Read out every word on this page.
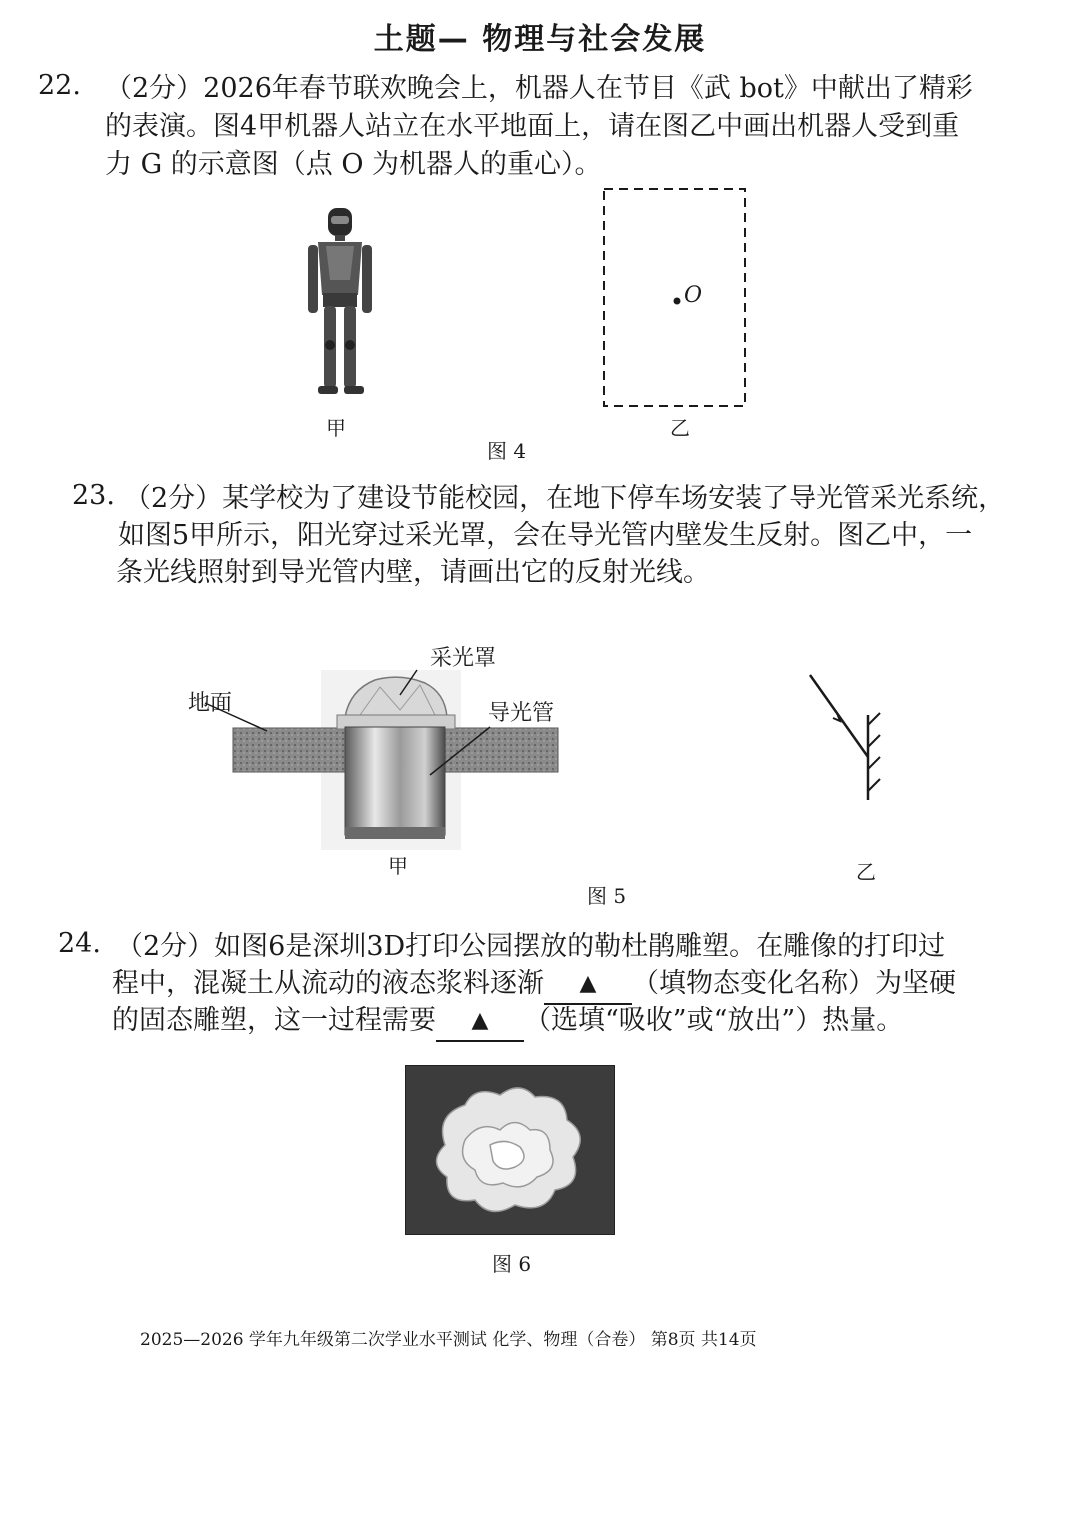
土题— 物理与社会发展
22. （2分）2026年春节联欢晚会上，机器人在节目《武 bot》中献出了精彩
的表演。图4甲机器人站立在水平地面上，请在图乙中画出机器人受到重
力 G 的示意图（点 O 为机器人的重心）。
甲
O
乙
图 4
23. （2分）某学校为了建设节能校园，在地下停车场安装了导光管采光系统，
如图5甲所示，阳光穿过采光罩，会在导光管内壁发生反射。图乙中，一
条光线照射到导光管内壁，请画出它的反射光线。
采光罩
地面	导光管
甲	乙
图 5
24. （2分）如图6是深圳3D打印公园摆放的勒杜鹃雕塑。在雕像的打印过
程中，混凝土从流动的液态浆料逐渐 ▲ （填物态变化名称）为坚硬
的固态雕塑，这一过程需要 ▲ （选填“吸收”或“放出”）热量。
图 6
2025—2026 学年九年级第二次学业水平测试 化学、物理（合卷） 第8页 共14页
